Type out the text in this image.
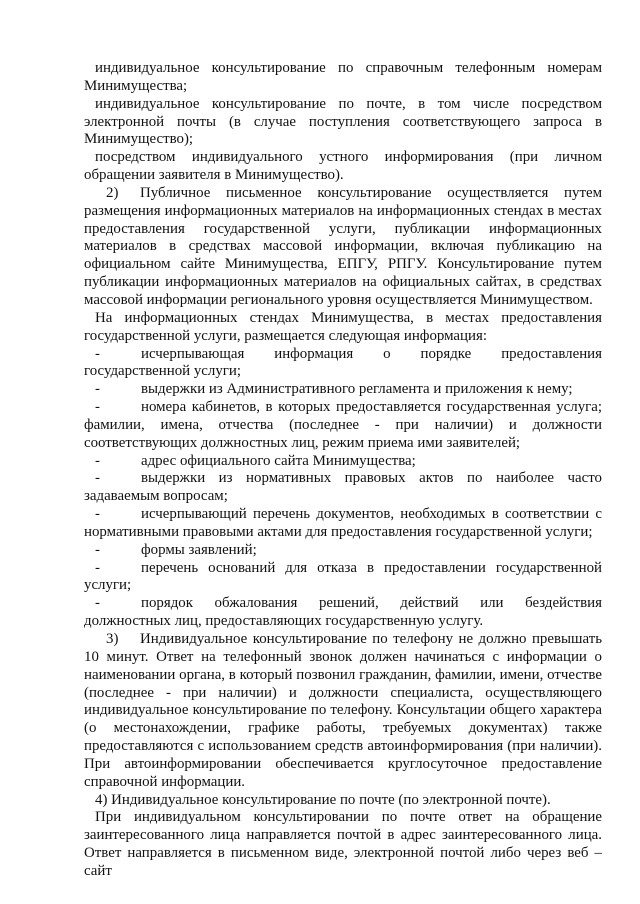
индивидуальное консультирование по справочным телефонным номерам Минимущества;

индивидуальное консультирование по почте, в том числе посредством электронной почты (в случае поступления соответствующего запроса в Минимущество);

посредством индивидуального устного информирования (при личном обращении заявителя в Минимущество).

2) Публичное письменное консультирование осуществляется путем размещения информационных материалов на информационных стендах в местах предоставления государственной услуги, публикации информационных материалов в средствах массовой информации, включая публикацию на официальном сайте Минимущества, ЕПГУ, РПГУ. Консультирование путем публикации информационных материалов на официальных сайтах, в средствах массовой информации регионального уровня осуществляется Минимуществом.

На информационных стендах Минимущества, в местах предоставления государственной услуги, размещается следующая информация:

-	исчерпывающая информация о порядке предоставления государственной услуги;

-	выдержки из Административного регламента и приложения к нему;

-	номера кабинетов, в которых предоставляется государственная услуга; фамилии, имена, отчества (последнее - при наличии) и должности соответствующих должностных лиц, режим приема ими заявителей;

-	адрес официального сайта Минимущества;

-	выдержки из нормативных правовых актов по наиболее часто задаваемым вопросам;

-	исчерпывающий перечень документов, необходимых в соответствии с нормативными правовыми актами для предоставления государственной услуги;

-	формы заявлений;

-	перечень оснований для отказа в предоставлении государственной услуги;

-	порядок обжалования решений, действий или бездействия должностных лиц, предоставляющих государственную услугу.

3) Индивидуальное консультирование по телефону не должно превышать 10 минут. Ответ на телефонный звонок должен начинаться с информации о наименовании органа, в который позвонил гражданин, фамилии, имени, отчестве (последнее - при наличии) и должности специалиста, осуществляющего индивидуальное консультирование по телефону. Консультации общего характера (о местонахождении, графике работы, требуемых документах) также предоставляются с использованием средств автоинформирования (при наличии). При автоинформировании обеспечивается круглосуточное предоставление справочной информации.

4) Индивидуальное консультирование по почте (по электронной почте).

При индивидуальном консультировании по почте ответ на обращение заинтересованного лица направляется почтой в адрес заинтересованного лица. Ответ направляется в письменном виде, электронной почтой либо через веб – сайт
